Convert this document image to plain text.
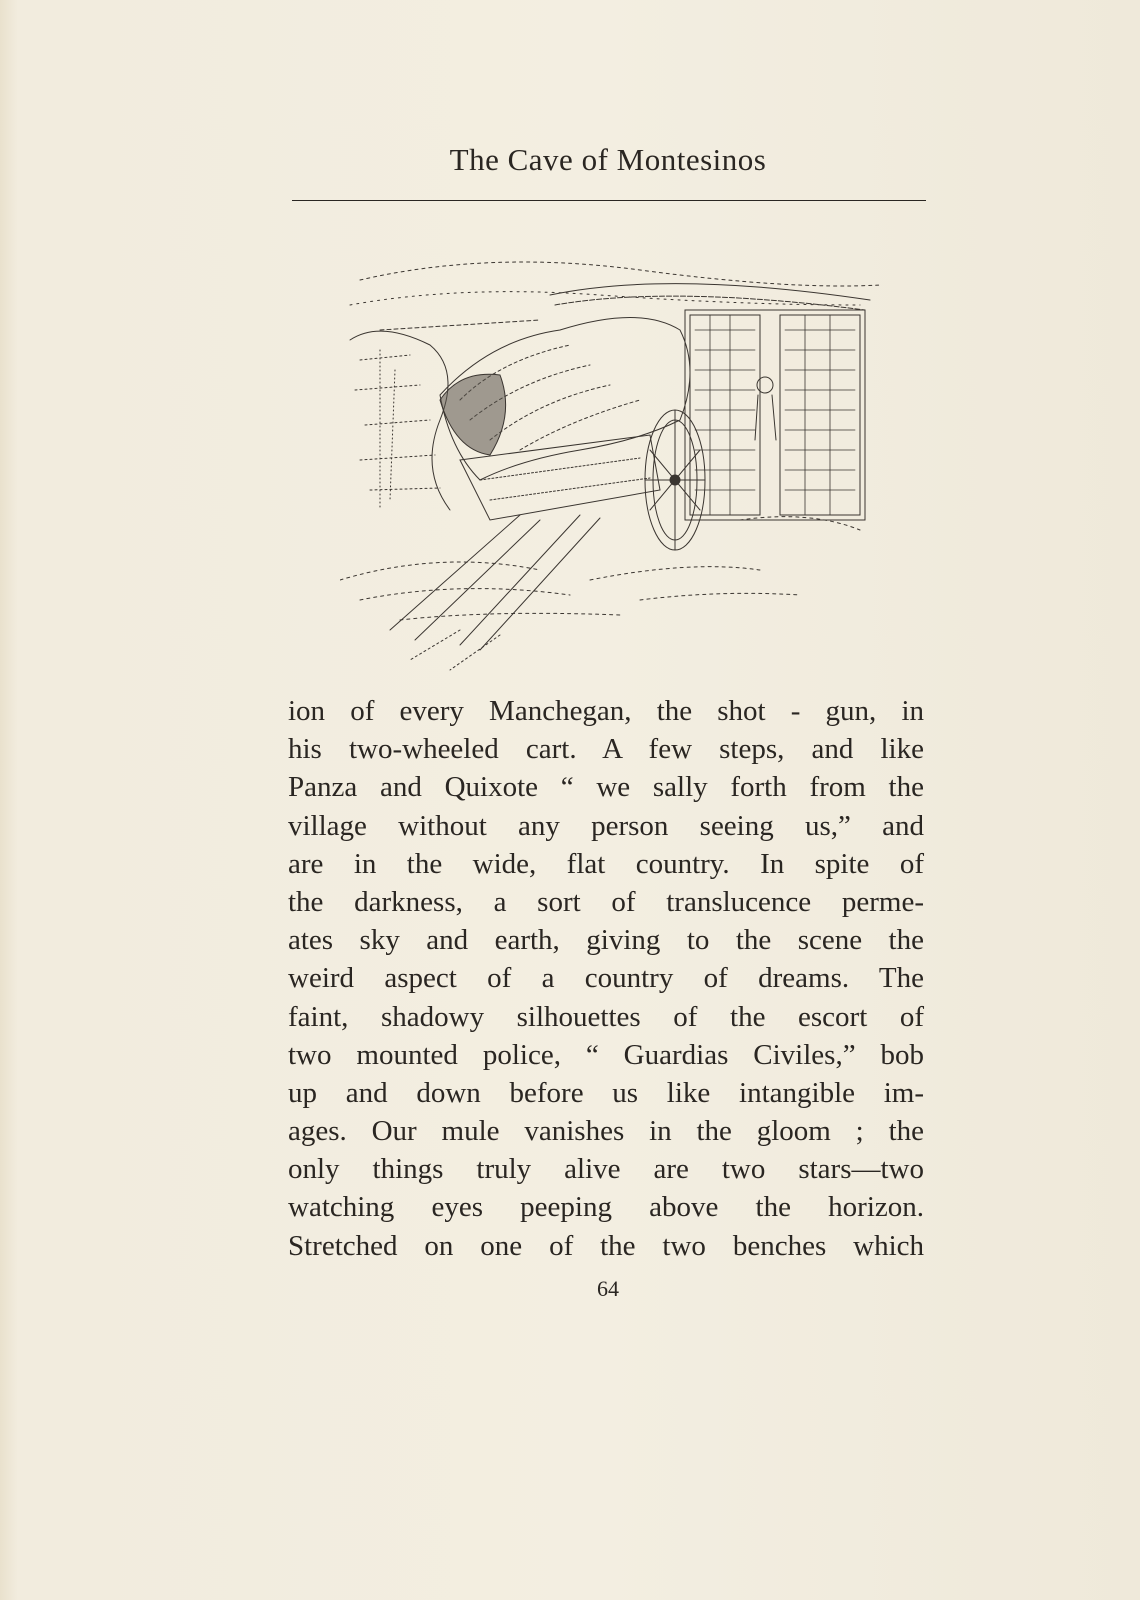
The Cave of Montesinos
ion of every Manchegan, the shot - gun, in
his two-wheeled cart. A few steps, and like
Panza and Quixote “ we sally forth from the
village without any person seeing us,” and
are in the wide, flat country. In spite of
the darkness, a sort of translucence perme-
ates sky and earth, giving to the scene the
weird aspect of a country of dreams. The
faint, shadowy silhouettes of the escort of
two mounted police, “ Guardias Civiles,” bob
up and down before us like intangible im-
ages. Our mule vanishes in the gloom ; the
only things truly alive are two stars—two
watching eyes peeping above the horizon.
Stretched on one of the two benches which
64
